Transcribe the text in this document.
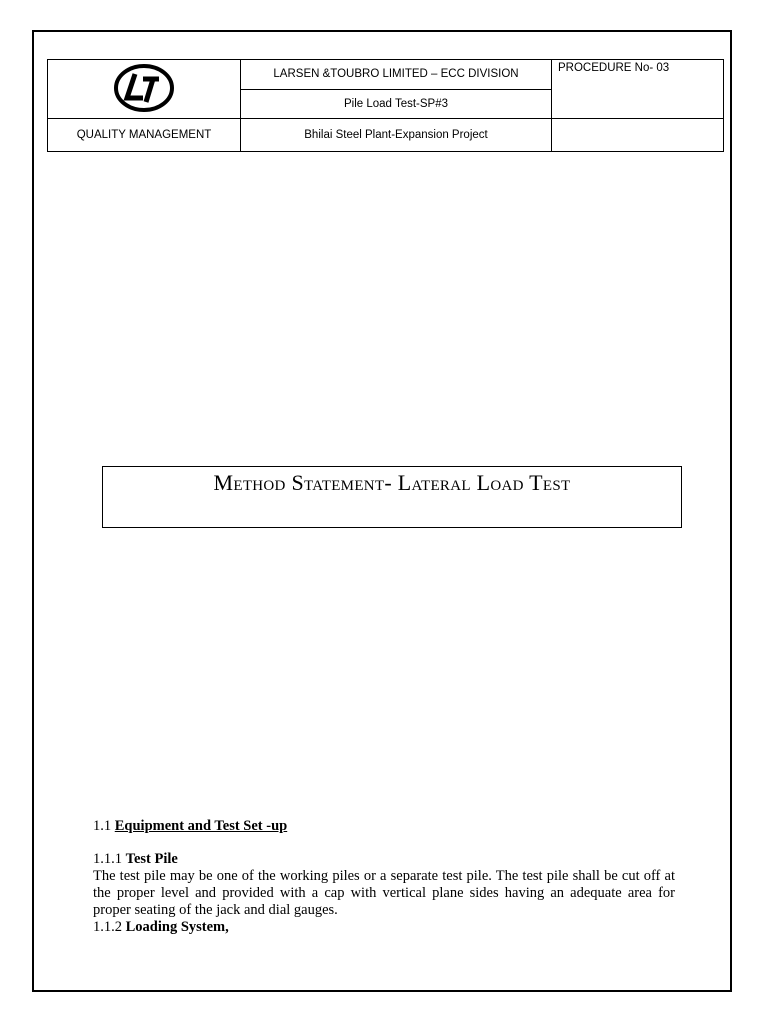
	LARSEN &TOUBRO LIMITED – ECC DIVISION	PROCEDURE No- 03
	Pile Load Test-SP#3	
QUALITY MANAGEMENT	Bhilai Steel Plant-Expansion Project	
Method Statement- Lateral Load Test

1.1 Equipment and Test Set -up

1.1.1 Test Pile

The test pile may be one of the working piles or a separate test pile. The test pile shall be cut off at the proper level and provided with a cap with vertical plane sides having an adequate area for proper seating of the jack and dial gauges.

1.1.2 Loading System,
